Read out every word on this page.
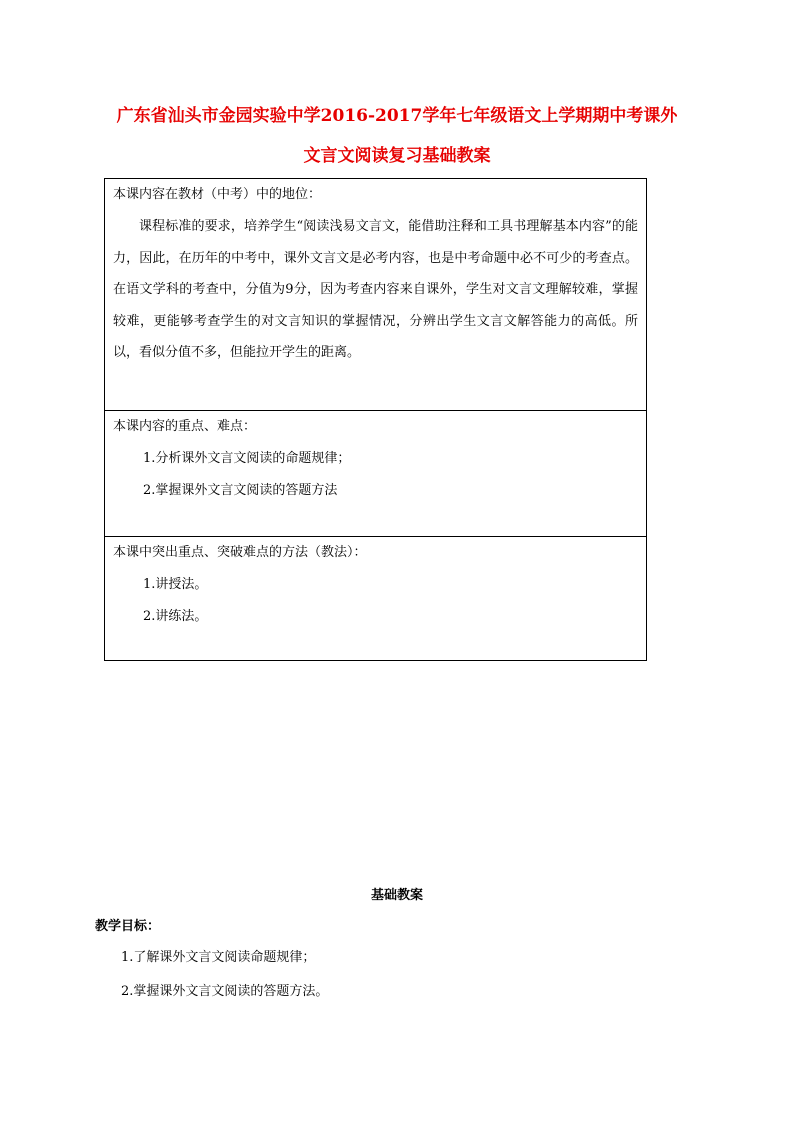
广东省汕头市金园实验中学2016-2017学年七年级语文上学期期中考课外
文言文阅读复习基础教案
本课内容在教材（中考）中的地位：

课程标准的要求，培养学生“阅读浅易文言文，能借助注释和工具书理解基本内容”的能力，因此，在历年的中考中，课外文言文是必考内容，也是中考命题中必不可少的考查点。在语文学科的考查中，分值为9分，因为考查内容来自课外，学生对文言文理解较难，掌握较难，更能够考查学生的对文言知识的掌握情况，分辨出学生文言文解答能力的高低。所以，看似分值不多，但能拉开学生的距离。

本课内容的重点、难点：
1.分析课外文言文阅读的命题规律；
2.掌握课外文言文阅读的答题方法

本课中突出重点、突破难点的方法（教法）：
1.讲授法。
2.讲练法。
基础教案
教学目标：
1.了解课外文言文阅读命题规律；
2.掌握课外文言文阅读的答题方法。
